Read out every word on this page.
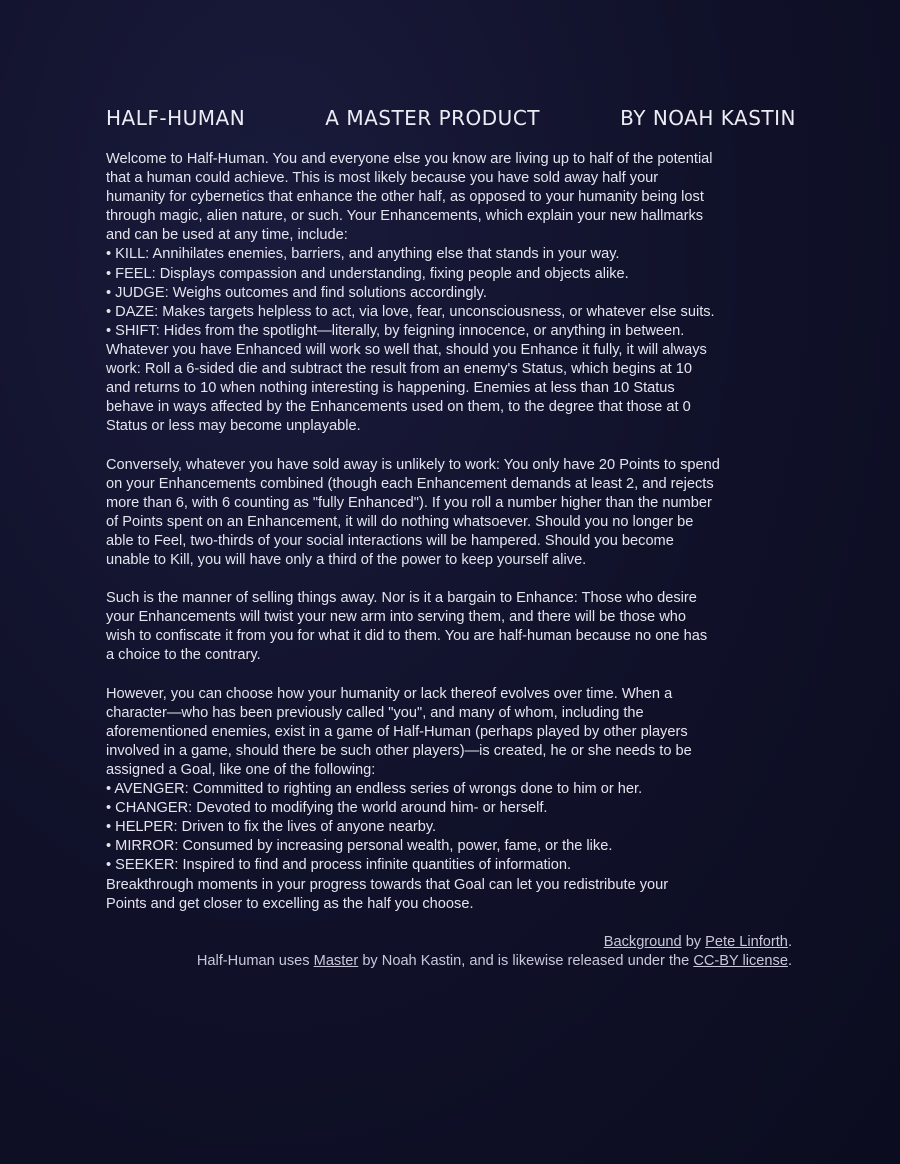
HALF-HUMAN	A MASTER PRODUCT	BY NOAH KASTIN
Welcome to Half-Human. You and everyone else you know are living up to half of the potential
that a human could achieve. This is most likely because you have sold away half your
humanity for cybernetics that enhance the other half, as opposed to your humanity being lost
through magic, alien nature, or such. Your Enhancements, which explain your new hallmarks
and can be used at any time, include:
• KILL: Annihilates enemies, barriers, and anything else that stands in your way.
• FEEL: Displays compassion and understanding, fixing people and objects alike.
• JUDGE: Weighs outcomes and find solutions accordingly.
• DAZE: Makes targets helpless to act, via love, fear, unconsciousness, or whatever else suits.
• SHIFT: Hides from the spotlight—literally, by feigning innocence, or anything in between.
Whatever you have Enhanced will work so well that, should you Enhance it fully, it will always
work: Roll a 6-sided die and subtract the result from an enemy's Status, which begins at 10
and returns to 10 when nothing interesting is happening. Enemies at less than 10 Status
behave in ways affected by the Enhancements used on them, to the degree that those at 0
Status or less may become unplayable.
Conversely, whatever you have sold away is unlikely to work: You only have 20 Points to spend
on your Enhancements combined (though each Enhancement demands at least 2, and rejects
more than 6, with 6 counting as "fully Enhanced"). If you roll a number higher than the number
of Points spent on an Enhancement, it will do nothing whatsoever. Should you no longer be
able to Feel, two-thirds of your social interactions will be hampered. Should you become
unable to Kill, you will have only a third of the power to keep yourself alive.
Such is the manner of selling things away. Nor is it a bargain to Enhance: Those who desire
your Enhancements will twist your new arm into serving them, and there will be those who
wish to confiscate it from you for what it did to them. You are half-human because no one has
a choice to the contrary.
However, you can choose how your humanity or lack thereof evolves over time. When a
character—who has been previously called "you", and many of whom, including the
aforementioned enemies, exist in a game of Half-Human (perhaps played by other players
involved in a game, should there be such other players)—is created, he or she needs to be
assigned a Goal, like one of the following:
• AVENGER: Committed to righting an endless series of wrongs done to him or her.
• CHANGER: Devoted to modifying the world around him- or herself.
• HELPER: Driven to fix the lives of anyone nearby.
• MIRROR: Consumed by increasing personal wealth, power, fame, or the like.
• SEEKER: Inspired to find and process infinite quantities of information.
Breakthrough moments in your progress towards that Goal can let you redistribute your
Points and get closer to excelling as the half you choose.
Background by Pete Linforth.
Half-Human uses Master by Noah Kastin, and is likewise released under the CC-BY license.
